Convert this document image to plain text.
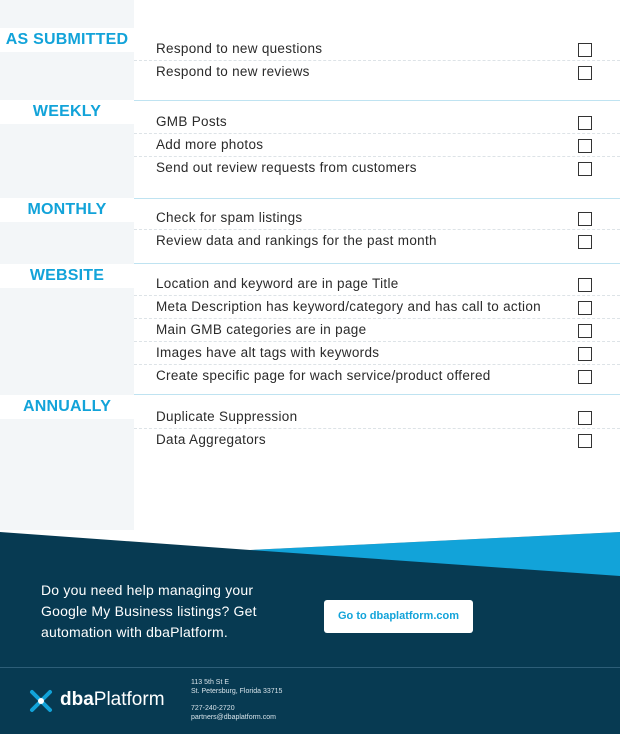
AS SUBMITTED
Respond to new questions
Respond to new reviews
WEEKLY
GMB Posts
Add more photos
Send out review requests from customers
MONTHLY	Check for spam listings
Review data and rankings for the past month
WEBSITE	Location and keyword are in page Title
Meta Description has keyword/category and has call to action
Main GMB categories are in page
Images have alt tags with keywords
Create specific page for wach service/product offered
ANNUALLY
Duplicate Suppression
Data Aggregators
Do you need help managing your Google My Business listings? Get automation with dbaPlatform.
Go to dbaplatform.com
dbaPlatform
113 5th St E
St. Petersburg, Florida 33715
727-240-2720
partners@dbaplatform.com
